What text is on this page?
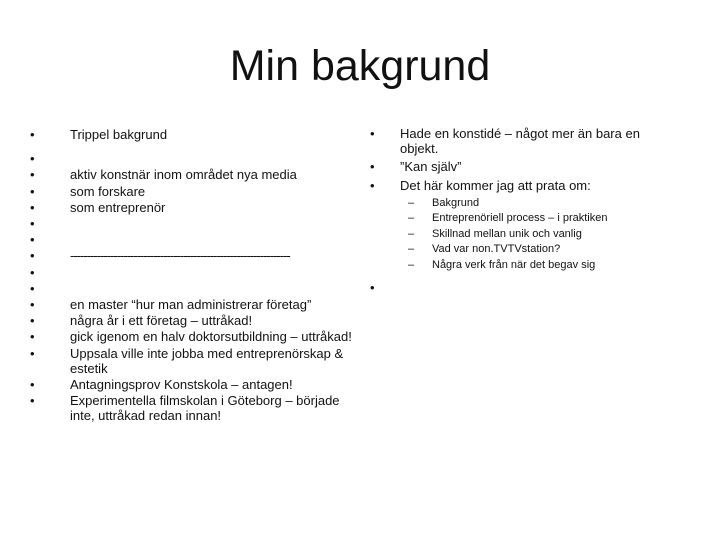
Min bakgrund
• Trippel bakgrund
•
• aktiv konstnär inom området nya media
• som forskare
• som entreprenör
•
•
• ------------------------------------------------------------------
•
•
• en master “hur man administrerar företag”
• några år i ett företag – uttråkad!
• gick igenom en halv doktorsutbildning – uttråkad!
• Uppsala ville inte jobba med entreprenörskap & estetik
• Antagningsprov Konstskola – antagen!
• Experimentella filmskolan i Göteborg – började inte, uttråkad redan innan!
• Hade en konstidé – något mer än bara en objekt.
• ”Kan själv”
• Det här kommer jag att prata om:
– Bakgrund
– Entreprenöriell process – i praktiken
– Skillnad mellan unik och vanlig
– Vad var non.TVTVstation?
– Några verk från när det begav sig
•
